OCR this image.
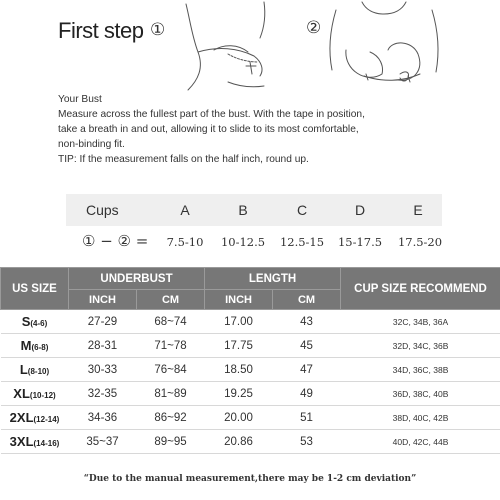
First step ①	②
Your Bust
Measure across the fullest part of the bust. With the tape in position,
take a breath in and out, allowing it to slide to its most comfortable,
non-binding fit.
TIP: If the measurement falls on the half inch, round up.
Cups	A	B	C	D	E
① − ② =	7.5-10	10-12.5	12.5-15	15-17.5	17.5-20
US SIZE	UNDERBUST		LENGTH		CUP SIZE RECOMMEND
	INCH	CM	INCH	CM	
S(4-6)	27-29	68~74	17.00	43	32C, 34B, 36A
M(6-8)	28-31	71~78	17.75	45	32D, 34C, 36B
L(8-10)	30-33	76~84	18.50	47	34D, 36C, 38B
XL(10-12)	32-35	81~89	19.25	49	36D, 38C, 40B
2XL(12-14)	34-36	86~92	20.00	51	38D, 40C, 42B
3XL(14-16)	35~37	89~95	20.86	53	40D, 42C, 44B
“Due to the manual measurement,there may be 1-2 cm deviation”
